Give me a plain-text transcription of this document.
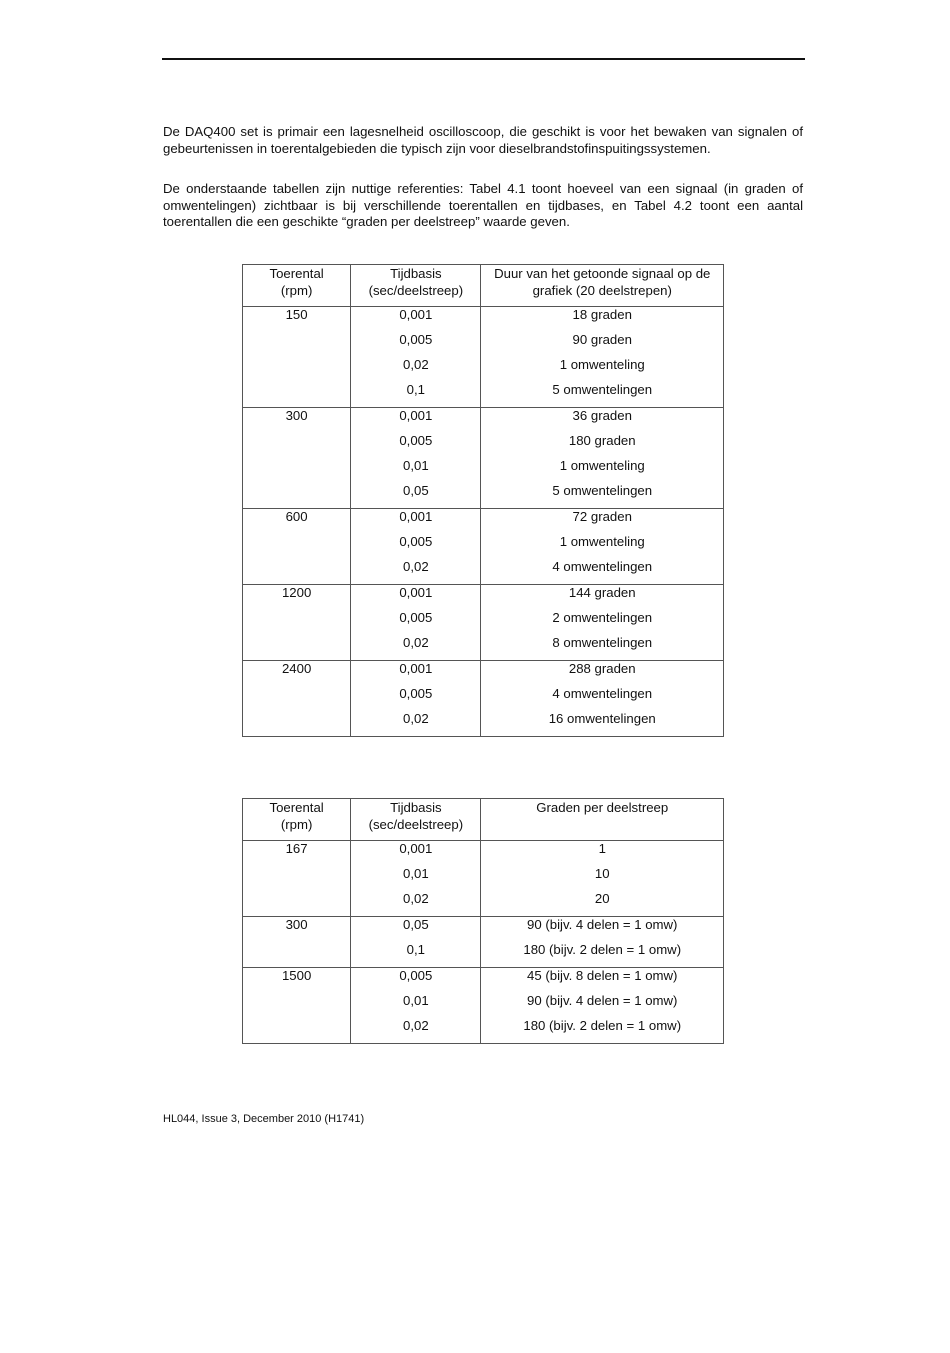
De DAQ400 set is primair een lagesnelheid oscilloscoop, die geschikt is voor het bewaken van signalen of gebeurtenissen in toerentalgebieden die typisch zijn voor dieselbrandstofinspuitingssystemen.

De onderstaande tabellen zijn nuttige referenties: Tabel 4.1 toont hoeveel van een signaal (in graden of omwentelingen) zichtbaar is bij verschillende toerentallen en tijdbases, en Tabel 4.2 toont een aantal toerentallen die een geschikte “graden per deelstreep” waarde geven.

Toerental (rpm)	Tijdbasis (sec/deelstreep)	Duur van het getoonde signaal op de grafiek (20 deelstrepen)
150	0,001	18 graden
	0,005	90 graden
	0,02	1 omwenteling
	0,1	5 omwentelingen
300	0,001	36 graden
	0,005	180 graden
	0,01	1 omwenteling
	0,05	5 omwentelingen
600	0,001	72 graden
	0,005	1 omwenteling
	0,02	4 omwentelingen
1200	0,001	144 graden
	0,005	2 omwentelingen
	0,02	8 omwentelingen
2400	0,001	288 graden
	0,005	4 omwentelingen
	0,02	16 omwentelingen
Toerental (rpm)	Tijdbasis (sec/deelstreep)	Graden per deelstreep
167	0,001	1
	0,01	10
	0,02	20
300	0,05	90 (bijv. 4 delen = 1 omw)
	0,1	180 (bijv. 2 delen = 1 omw)
1500	0,005	45 (bijv. 8 delen = 1 omw)
	0,01	90 (bijv. 4 delen = 1 omw)
	0,02	180 (bijv. 2 delen = 1 omw)
HL044, Issue 3, December 2010 (H1741)
